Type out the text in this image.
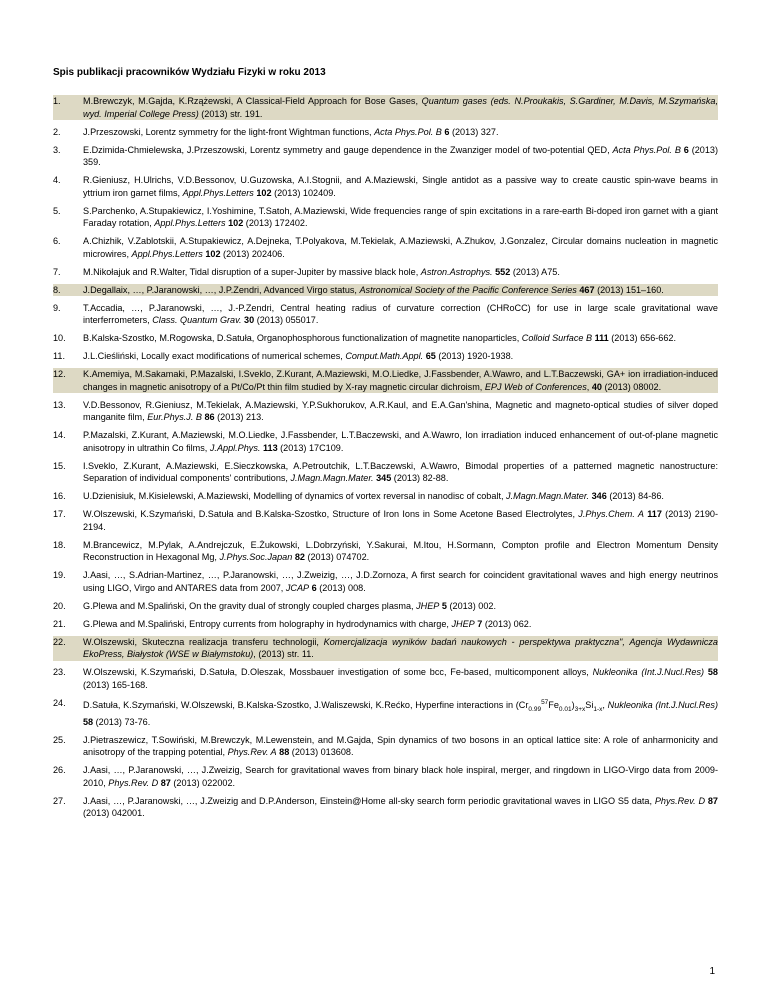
Spis publikacji pracowników Wydziału Fizyki w roku 2013
1.	M.Brewczyk, M.Gajda, K.Rzążewski, A Classical-Field Approach for Bose Gases, Quantum gases (eds. N.Proukakis, S.Gardiner, M.Davis, M.Szymańska, wyd. Imperial College Press) (2013) str. 191.
2.	J.Przeszowski, Lorentz symmetry for the light-front Wightman functions, Acta Phys.Pol. B 6 (2013) 327.
3.	E.Dzimida-Chmielewska, J.Przeszowski, Lorentz symmetry and gauge dependence in the Zwanziger model of two-potential QED, Acta Phys.Pol. B 6 (2013) 359.
4.	R.Gieniusz, H.Ulrichs, V.D.Bessonov, U.Guzowska, A.I.Stognii, and A.Maziewski, Single antidot as a passive way to create caustic spin-wave beams in yttrium iron garnet films, Appl.Phys.Letters 102 (2013) 102409.
5.	S.Parchenko, A.Stupakiewicz, I.Yoshimine, T.Satoh, A.Maziewski, Wide frequencies range of spin excitations in a rare-earth Bi-doped iron garnet with a giant Faraday rotation, Appl.Phys.Letters 102 (2013) 172402.
6.	A.Chizhik, V.Zablotskii, A.Stupakiewicz, A.Dejneka, T.Polyakova, M.Tekielak, A.Maziewski, A.Zhukov, J.Gonzalez, Circular domains nucleation in magnetic microwires, Appl.Phys.Letters 102 (2013) 202406.
7.	M.Nikołajuk and R.Walter, Tidal disruption of a super-Jupiter by massive black hole, Astron.Astrophys. 552 (2013) A75.
8.	J.Degallaix, …, P.Jaranowski, …, J.P.Zendri, Advanced Virgo status, Astronomical Society of the Pacific Conference Series 467 (2013) 151–160.
9.	T.Accadia, …, P.Jaranowski, …, J.-P.Zendri, Central heating radius of curvature correction (CHRoCC) for use in large scale gravitational wave interferrometers, Class. Quantum Grav. 30 (2013) 055017.
10.	B.Kalska-Szostko, M.Rogowska, D.Satuła, Organophosphorous functionalization of magnetite nanoparticles, Colloid Surface B 111 (2013) 656-662.
11.	J.L.Cieśliński, Locally exact modifications of numerical schemes, Comput.Math.Appl. 65 (2013) 1920-1938.
12.	K.Amemiya, M.Sakamaki, P.Mazalski, I.Sveklo, Z.Kurant, A.Maziewski, M.O.Liedke, J.Fassbender, A.Wawro, and L.T.Baczewski, GA+ ion irradiation-induced changes in magnetic anisotropy of a Pt/Co/Pt thin film studied by X-ray magnetic circular dichroism, EPJ Web of Conferences, 40 (2013) 08002.
13.	V.D.Bessonov, R.Gieniusz, M.Tekielak, A.Maziewski, Y.P.Sukhorukov, A.R.Kaul, and E.A.Gan'shina, Magnetic and magneto-optical studies of silver doped manganite film, Eur.Phys.J. B 86 (2013) 213.
14.	P.Mazalski, Z.Kurant, A.Maziewski, M.O.Liedke, J.Fassbender, L.T.Baczewski, and A.Wawro, Ion irradiation induced enhancement of out-of-plane magnetic anisotropy in ultrathin Co films, J.Appl.Phys. 113 (2013) 17C109.
15.	I.Sveklo, Z.Kurant, A.Maziewski, E.Sieczkowska, A.Petroutchik, L.T.Baczewski, A.Wawro, Bimodal properties of a patterned magnetic nanostructure: Separation of individual components' contributions, J.Magn.Magn.Mater. 345 (2013) 82-88.
16.	U.Dzienisiuk, M.Kisielewski, A.Maziewski, Modelling of dynamics of vortex reversal in nanodisc of cobalt, J.Magn.Magn.Mater. 346 (2013) 84-86.
17.	W.Olszewski, K.Szymański, D.Satuła and B.Kalska-Szostko, Structure of Iron Ions in Some Acetone Based Electrolytes, J.Phys.Chem. A 117 (2013) 2190-2194.
18.	M.Brancewicz, M.Pylak, A.Andrejczuk, E.Żukowski, L.Dobrzyński, Y.Sakurai, M.Itou, H.Sormann, Compton profile and Electron Momentum Density Reconstruction in Hexagonal Mg, J.Phys.Soc.Japan 82 (2013) 074702.
19.	J.Aasi, …, S.Adrian-Martinez, …, P.Jaranowski, …, J.Zweizig, …, J.D.Zornoza, A first search for coincident gravitational waves and high energy neutrinos using LIGO, Virgo and ANTARES data from 2007, JCAP 6 (2013) 008.
20.	G.Plewa and M.Spaliński, On the gravity dual of strongly coupled charges plasma, JHEP 5 (2013) 002.
21.	G.Plewa and M.Spaliński, Entropy currents from holography in hydrodynamics with charge, JHEP 7 (2013) 062.
22.	W.Olszewski, Skuteczna realizacja transferu technologii, Komercjalizacja wyników badań naukowych - perspektywa praktyczna", Agencja Wydawnicza EkoPress, Białystok (WSE w Białymstoku), (2013) str. 11.
23.	W.Olszewski, K.Szymański, D.Satuła, D.Oleszak, Mossbauer investigation of some bcc, Fe-based, multicomponent alloys, Nukleonika (Int.J.Nucl.Res) 58 (2013) 165-168.
24.	D.Satuła, K.Szymański, W.Olszewski, B.Kalska-Szostko, J.Waliszewski, K.Rećko, Hyperfine interactions in $(Cr_{0.99}^{57}Fe_{0.01})_{3+x}Si_{1-x}$, Nukleonika (Int.J.Nucl.Res) 58 (2013) 73-76.
25.	J.Pietraszewicz, T.Sowiński, M.Brewczyk, M.Lewenstein, and M.Gajda, Spin dynamics of two bosons in an optical lattice site: A role of anharmonicity and anisotropy of the trapping potential, Phys.Rev. A 88 (2013) 013608.
26.	J.Aasi, …, P.Jaranowski, …, J.Zweizig, Search for gravitational waves from binary black hole inspiral, merger, and ringdown in LIGO-Virgo data from 2009-2010, Phys.Rev. D 87 (2013) 022002.
27.	J.Aasi, …, P.Jaranowski, …, J.Zweizig and D.P.Anderson, Einstein@Home all-sky search form periodic gravitational waves in LIGO S5 data, Phys.Rev. D 87 (2013) 042001.
1
